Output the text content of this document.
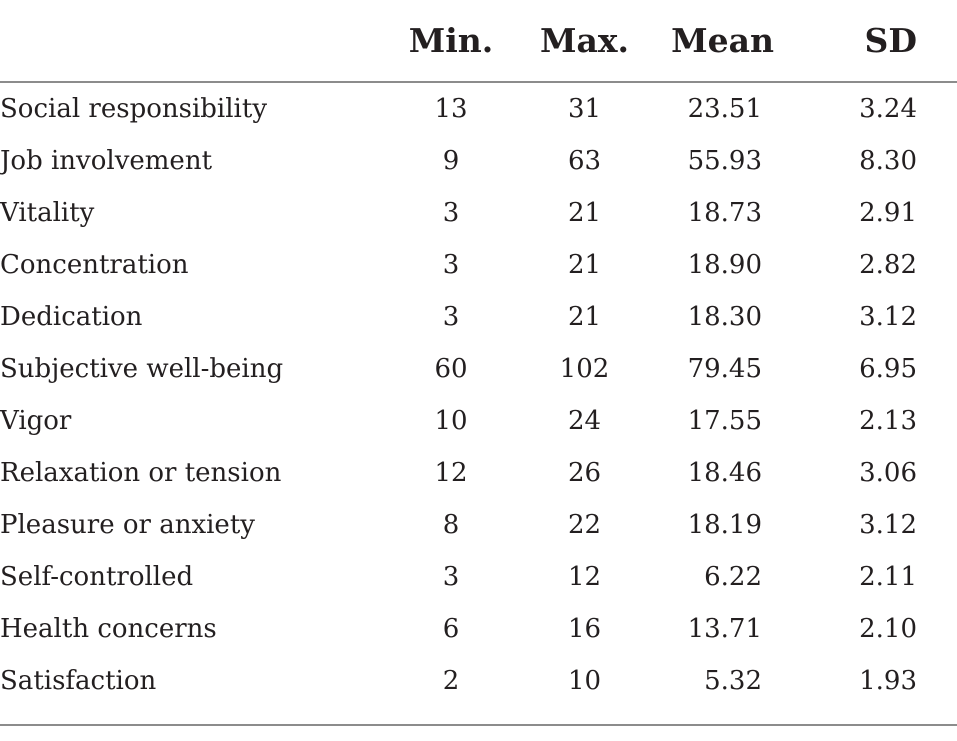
	Min.	Max.	Mean	SD
Social responsibility	13	31	23.51	3.24
Job involvement	9	63	55.93	8.30
Vitality	3	21	18.73	2.91
Concentration	3	21	18.90	2.82
Dedication	3	21	18.30	3.12
Subjective well-being	60	102	79.45	6.95
Vigor	10	24	17.55	2.13
Relaxation or tension	12	26	18.46	3.06
Pleasure or anxiety	8	22	18.19	3.12
Self-controlled	3	12	6.22	2.11
Health concerns	6	16	13.71	2.10
Satisfaction	2	10	5.32	1.93
